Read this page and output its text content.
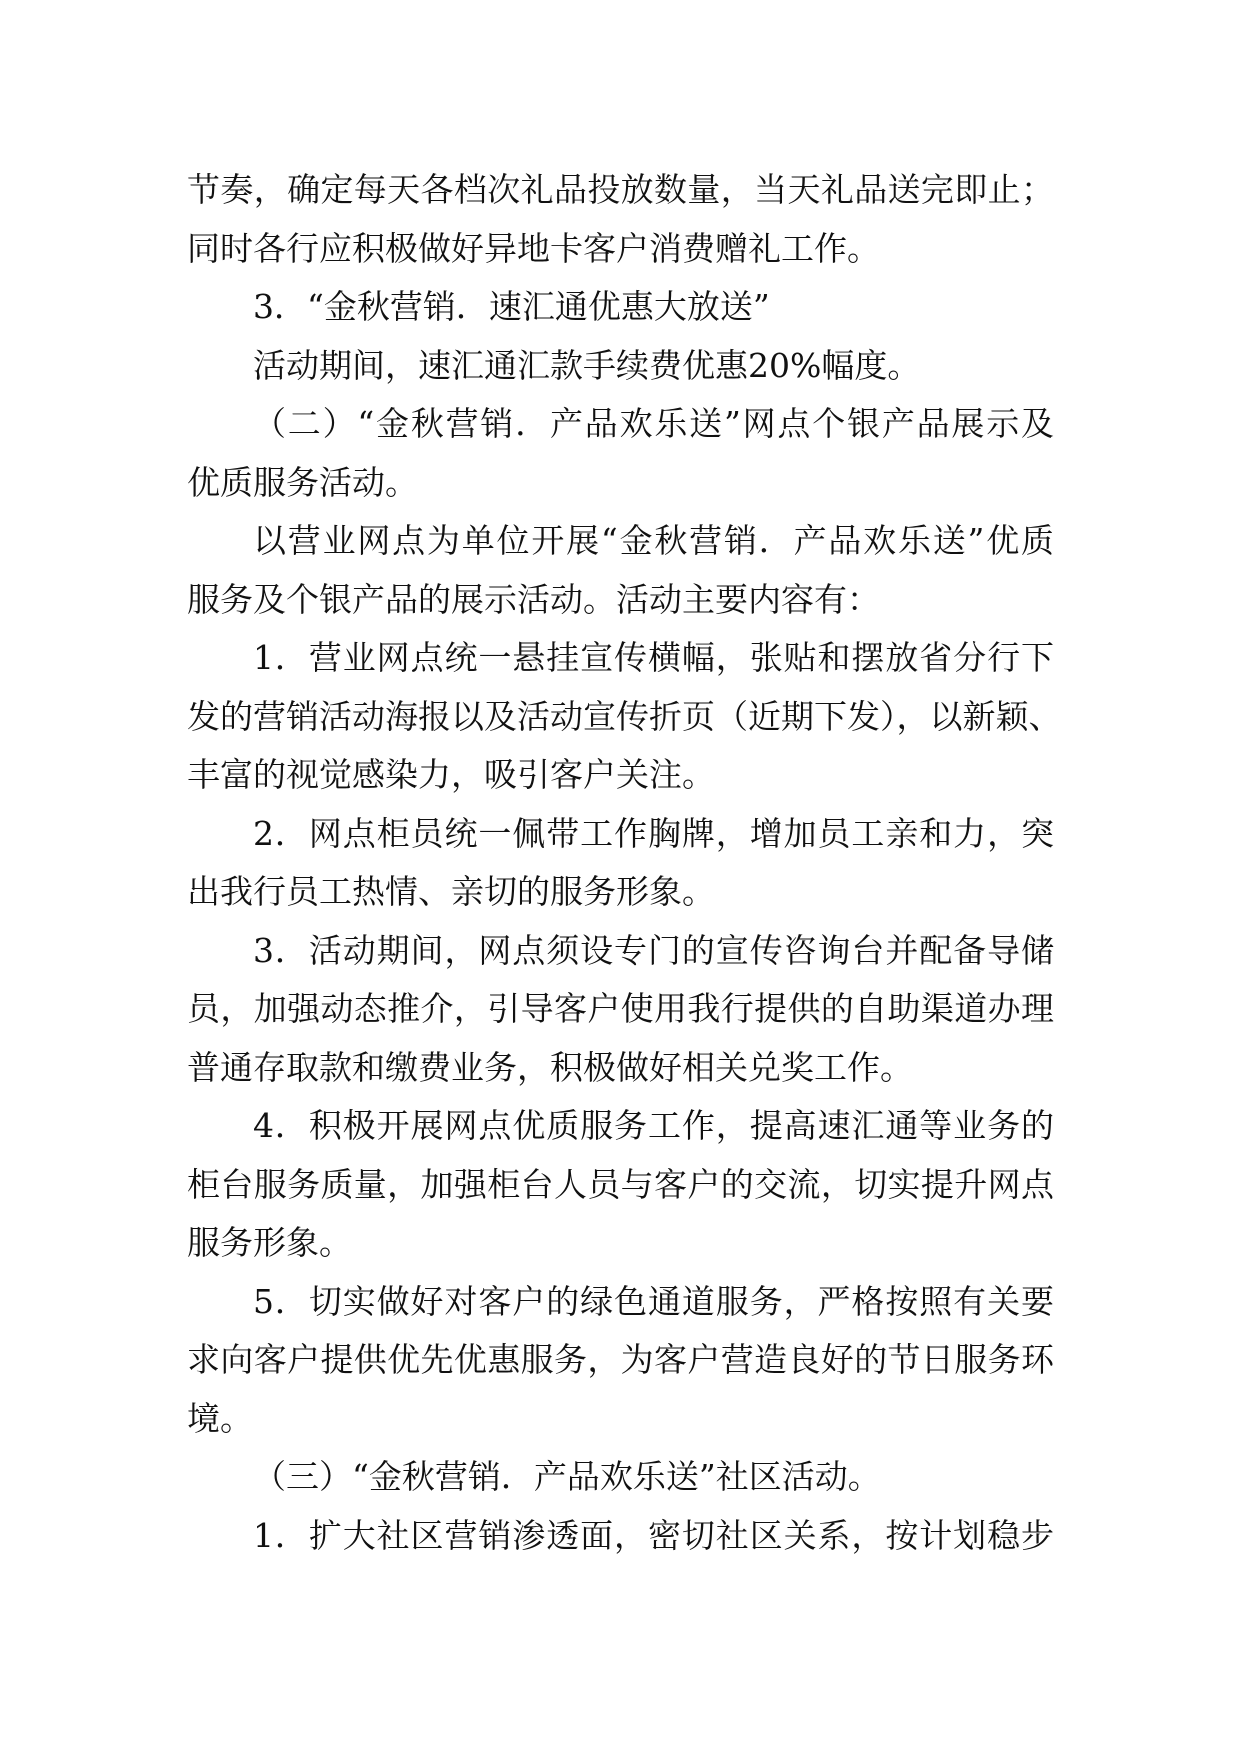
节奏，确定每天各档次礼品投放数量，当天礼品送完即止；
同时各行应积极做好异地卡客户消费赠礼工作。
3．“金秋营销．速汇通优惠大放送”
活动期间，速汇通汇款手续费优惠20%幅度。
（二）“金秋营销．产品欢乐送”网点个银产品展示及
优质服务活动。
以营业网点为单位开展“金秋营销．产品欢乐送”优质
服务及个银产品的展示活动。活动主要内容有：
1．营业网点统一悬挂宣传横幅，张贴和摆放省分行下
发的营销活动海报以及活动宣传折页（近期下发），以新颖、
丰富的视觉感染力，吸引客户关注。
2．网点柜员统一佩带工作胸牌，增加员工亲和力，突
出我行员工热情、亲切的服务形象。
3．活动期间，网点须设专门的宣传咨询台并配备导储
员，加强动态推介，引导客户使用我行提供的自助渠道办理
普通存取款和缴费业务，积极做好相关兑奖工作。
4．积极开展网点优质服务工作，提高速汇通等业务的
柜台服务质量，加强柜台人员与客户的交流，切实提升网点
服务形象。
5．切实做好对客户的绿色通道服务，严格按照有关要
求向客户提供优先优惠服务，为客户营造良好的节日服务环
境。
（三）“金秋营销．产品欢乐送”社区活动。
1．扩大社区营销渗透面，密切社区关系，按计划稳步
